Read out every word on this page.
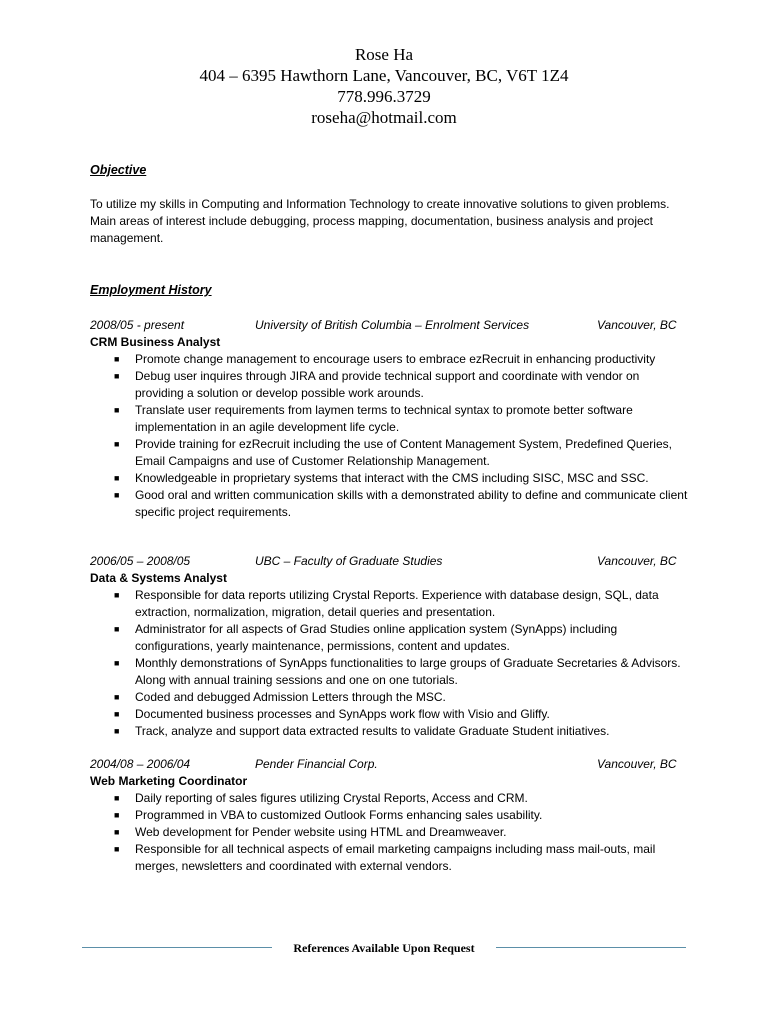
Rose Ha
404 – 6395 Hawthorn Lane, Vancouver, BC, V6T 1Z4
778.996.3729
roseha@hotmail.com
Objective
To utilize my skills in Computing and Information Technology to create innovative solutions to given problems. Main areas of interest include debugging, process mapping, documentation, business analysis and project management.
Employment History
2008/05 - present	University of British Columbia – Enrolment Services	Vancouver, BC
CRM Business Analyst
■ Promote change management to encourage users to embrace ezRecruit in enhancing productivity
■ Debug user inquires through JIRA and provide technical support and coordinate with vendor on providing a solution or develop possible work arounds.
■ Translate user requirements from laymen terms to technical syntax to promote better software implementation in an agile development life cycle.
■ Provide training for ezRecruit including the use of Content Management System, Predefined Queries, Email Campaigns and use of Customer Relationship Management.
■ Knowledgeable in proprietary systems that interact with the CMS including SISC, MSC and SSC.
■ Good oral and written communication skills with a demonstrated ability to define and communicate client specific project requirements.
2006/05 – 2008/05	UBC – Faculty of Graduate Studies	Vancouver, BC
Data & Systems Analyst
■ Responsible for data reports utilizing Crystal Reports. Experience with database design, SQL, data extraction, normalization, migration, detail queries and presentation.
■ Administrator for all aspects of Grad Studies online application system (SynApps) including configurations, yearly maintenance, permissions, content and updates.
■ Monthly demonstrations of SynApps functionalities to large groups of Graduate Secretaries & Advisors. Along with annual training sessions and one on one tutorials.
■ Coded and debugged Admission Letters through the MSC.
■ Documented business processes and SynApps work flow with Visio and Gliffy.
■ Track, analyze and support data extracted results to validate Graduate Student initiatives.
2004/08 – 2006/04	Pender Financial Corp.	Vancouver, BC
Web Marketing Coordinator
■ Daily reporting of sales figures utilizing Crystal Reports, Access and CRM.
■ Programmed in VBA to customized Outlook Forms enhancing sales usability.
■ Web development for Pender website using HTML and Dreamweaver.
■ Responsible for all technical aspects of email marketing campaigns including mass mail-outs, mail merges, newsletters and coordinated with external vendors.
References Available Upon Request
